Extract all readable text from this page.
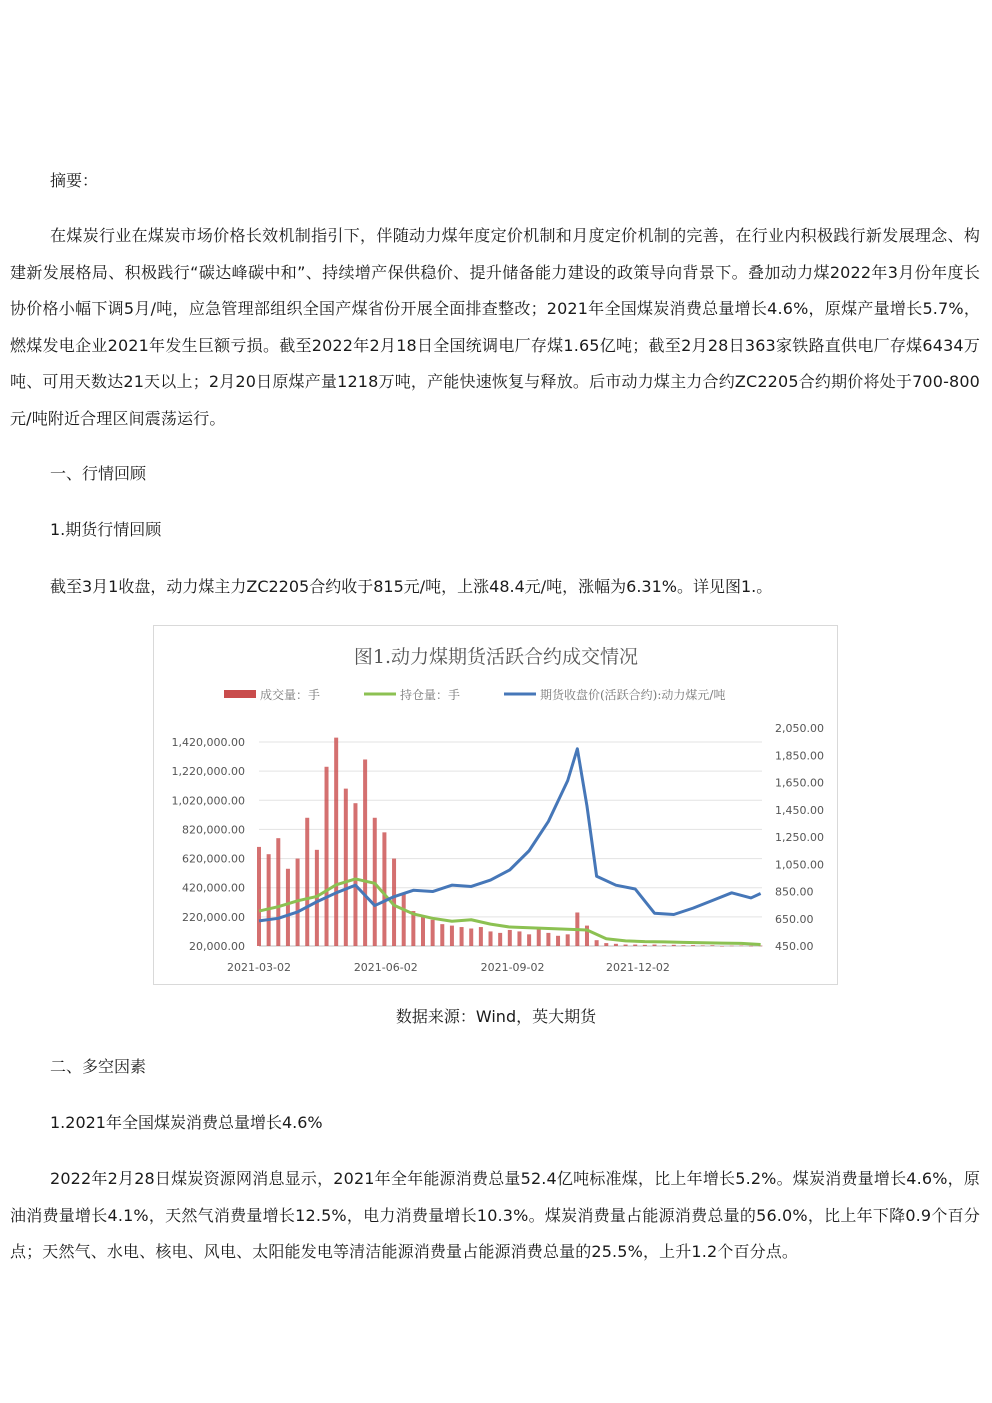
摘要：

在煤炭行业在煤炭市场价格长效机制指引下，伴随动力煤年度定价机制和月度定价机制的完善，在行业内积极践行新发展理念、构建新发展格局、积极践行“碳达峰碳中和”、持续增产保供稳价、提升储备能力建设的政策导向背景下。叠加动力煤2022年3月份年度长协价格小幅下调5月/吨，应急管理部组织全国产煤省份开展全面排查整改；2021年全国煤炭消费总量增长4.6%，原煤产量增长5.7%，燃煤发电企业2021年发生巨额亏损。截至2022年2月18日全国统调电厂存煤1.65亿吨；截至2月28日363家铁路直供电厂存煤6434万吨、可用天数达21天以上；2月20日原煤产量1218万吨，产能快速恢复与释放。后市动力煤主力合约ZC2205合约期价将处于700-800元/吨附近合理区间震荡运行。

一、行情回顾
1.期货行情回顾
截至3月1收盘，动力煤主力ZC2205合约收于815元/吨，上涨48.4元/吨，涨幅为6.31%。详见图1.。
图1.动力煤期货活跃合约成交情况
成交量：手	持仓量：手	期货收盘价(活跃合约):动力煤元/吨
1,420,000.00
1,220,000.00
1,020,000.00
820,000.00
620,000.00
420,000.00
220,000.00
20,000.00
2,050.00
1,850.00
1,650.00
1,450.00
1,250.00
1,050.00
850.00
650.00
450.00
2021-03-02	2021-06-02	2021-09-02	2021-12-02
数据来源：Wind，英大期货
二、多空因素
1.2021年全国煤炭消费总量增长4.6%

2022年2月28日煤炭资源网消息显示，2021年全年能源消费总量52.4亿吨标准煤，比上年增长5.2%。煤炭消费量增长4.6%，原油消费量增长4.1%，天然气消费量增长12.5%，电力消费量增长10.3%。煤炭消费量占能源消费总量的56.0%，比上年下降0.9个百分点；天然气、水电、核电、风电、太阳能发电等清洁能源消费量占能源消费总量的25.5%，上升1.2个百分点。
